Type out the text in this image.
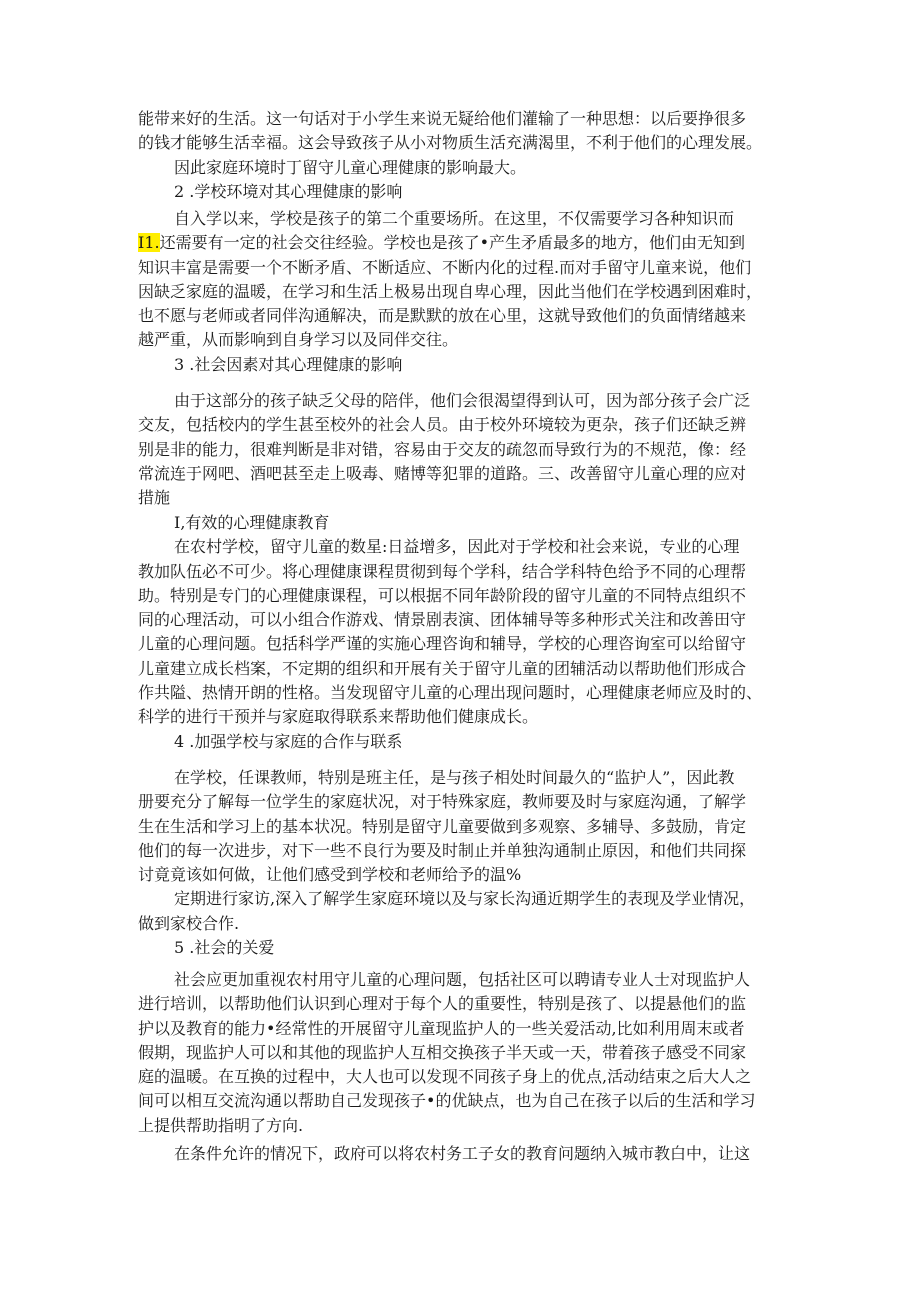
能带来好的生活。这一句话对于小学生来说无疑给他们灌输了一种思想：以后要挣很多

的钱才能够生活幸福。这会导致孩子从小对物质生活充满渴里，不利于他们的心理发展。

因此家庭环境时丁留守儿童心理健康的影响最大。

2 .学校环境对其心理健康的影响

自入学以来，学校是孩子的第二个重要场所。在这里，不仅需要学习各种知识而

I1.还需要有一定的社会交往经验。学校也是孩了•产生矛盾最多的地方，他们由无知到

知识丰富是需要一个不断矛盾、不断适应、不断内化的过程.而对手留守儿童来说，他们

因缺乏家庭的温暖，在学习和生活上极易出现自卑心理，因此当他们在学校遇到困难时，

也不愿与老师或者同伴沟通解决，而是默默的放在心里，这就导致他们的负面情绪越来

越严重，从而影响到自身学习以及同伴交往。

3 .社会因素对其心理健康的影响

由于这部分的孩子缺乏父母的陪伴，他们会很渴望得到认可，因为部分孩子会广泛

交友，包括校内的学生甚至校外的社会人员。由于校外环境较为更杂，孩子们还缺乏辨

别是非的能力，很难判断是非对错，容易由于交友的疏忽而导致行为的不规范，像：经

常流连于网吧、酒吧甚至走上吸毒、赌博等犯罪的道路。三、改善留守儿童心理的应对

措施

I,有效的心理健康教育

在农村学校，留守儿童的数星:日益增多，因此对于学校和社会来说，专业的心理

教加队伍必不可少。将心理健康课程贯彻到每个学科，结合学科特色给予不同的心理帮

助。特别是专门的心理健康课程，可以根据不同年龄阶段的留守儿童的不同特点组织不

同的心理活动，可以小组合作游戏、情景剧表演、团体辅导等多种形式关注和改善田守

儿童的心理问题。包括科学严谨的实施心理咨询和辅导，学校的心理咨询室可以给留守

儿童建立成长档案，不定期的组织和开展有关于留守儿童的团辅活动以帮助他们形成合

作共隘、热情开朗的性格。当发现留守儿童的心理出现问题时，心理健康老师应及时的、

科学的进行干预并与家庭取得联系来帮助他们健康成长。

4 .加强学校与家庭的合作与联系

在学校，任课教师，特别是班主任，是与孩子相处时间最久的“监护人”，因此教

册要充分了解每一位学生的家庭状况，对于特殊家庭，教师要及时与家庭沟通，了解学

生在生活和学习上的基本状况。特别是留守儿童要做到多观察、多辅导、多鼓励，肯定

他们的每一次进步，对下一些不良行为要及时制止并单独沟通制止原因，和他们共同探

讨竟竟该如何做，让他们感受到学校和老师给予的温%

定期进行家访,深入了解学生家庭环境以及与家长沟通近期学生的表现及学业情况，

做到家校合作.

5 .社会的关爱

社会应更加重视农村用守儿童的心理问题，包括社区可以聘请专业人士对现监护人

进行培训，以帮助他们认识到心理对于每个人的重要性，特别是孩了、以提悬他们的监

护以及教育的能力•经常性的开展留守儿童现监护人的一些关爱活动,比如利用周末或者

假期，现监护人可以和其他的现监护人互相交换孩子半天或一天，带着孩子感受不同家

庭的温暖。在互换的过程中，大人也可以发现不同孩子身上的优点,活动结束之后大人之

间可以相互交流沟通以帮助自己发现孩子•的优缺点，也为自己在孩子以后的生活和学习

上提供帮助指明了方向.

在条件允许的情况下，政府可以将农村务工子女的教育问题纳入城市教白中，让这
